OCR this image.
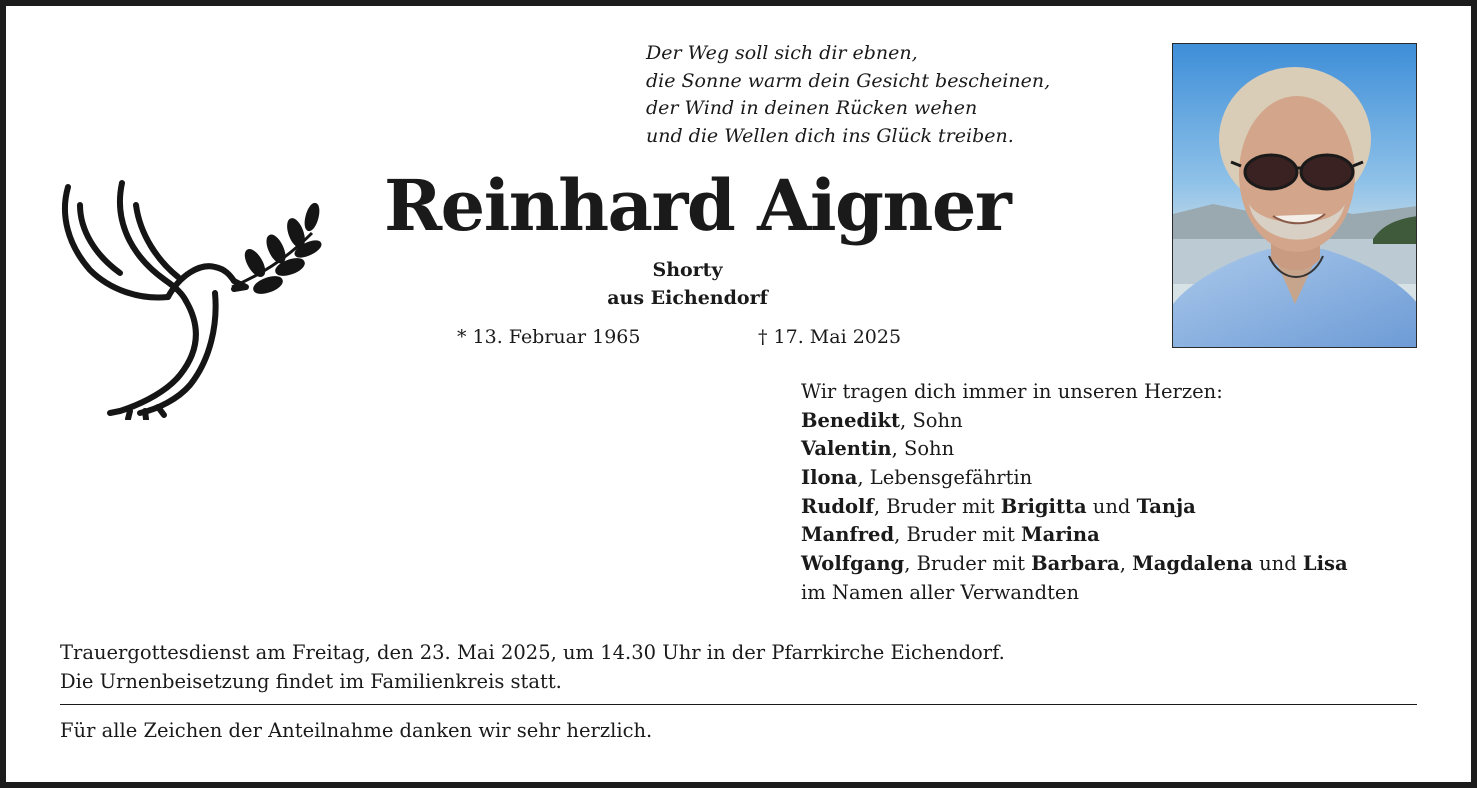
Der Weg soll sich dir ebnen,
die Sonne warm dein Gesicht bescheinen,
der Wind in deinen Rücken wehen
und die Wellen dich ins Glück treiben.
Reinhard Aigner
Shorty
aus Eichendorf
* 13. Februar 1965	† 17. Mai 2025
Wir tragen dich immer in unseren Herzen:
Benedikt, Sohn
Valentin, Sohn
Ilona, Lebensgefährtin
Rudolf, Bruder mit Brigitta und Tanja
Manfred, Bruder mit Marina
Wolfgang, Bruder mit Barbara, Magdalena und Lisa
im Namen aller Verwandten
Trauergottesdienst am Freitag, den 23. Mai 2025, um 14.30 Uhr in der Pfarrkirche Eichendorf.
Die Urnenbeisetzung findet im Familienkreis statt.
Für alle Zeichen der Anteilnahme danken wir sehr herzlich.
